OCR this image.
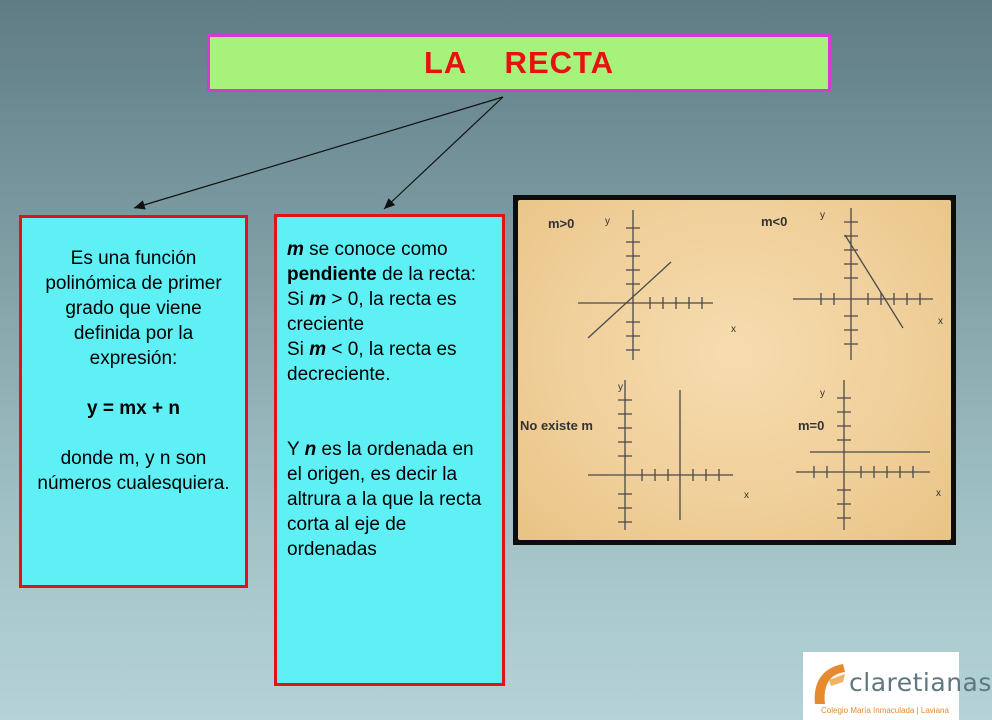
LA    RECTA
Es una función polinómica de primer grado que viene definida por la expresión:
y = mx + n
donde m, y n son números cualesquiera.
m se conoce como pendiente de la recta:
Si m > 0, la recta es creciente
Si m < 0, la recta es decreciente.
Y n es la ordenada en el origen, es decir la altrura a la que la recta corta al eje de ordenadas
m>0	y
x
m<0	y
x
No existe m
y
x
m=0
y
x
claretianas
Colegio María Inmaculada | Laviana
